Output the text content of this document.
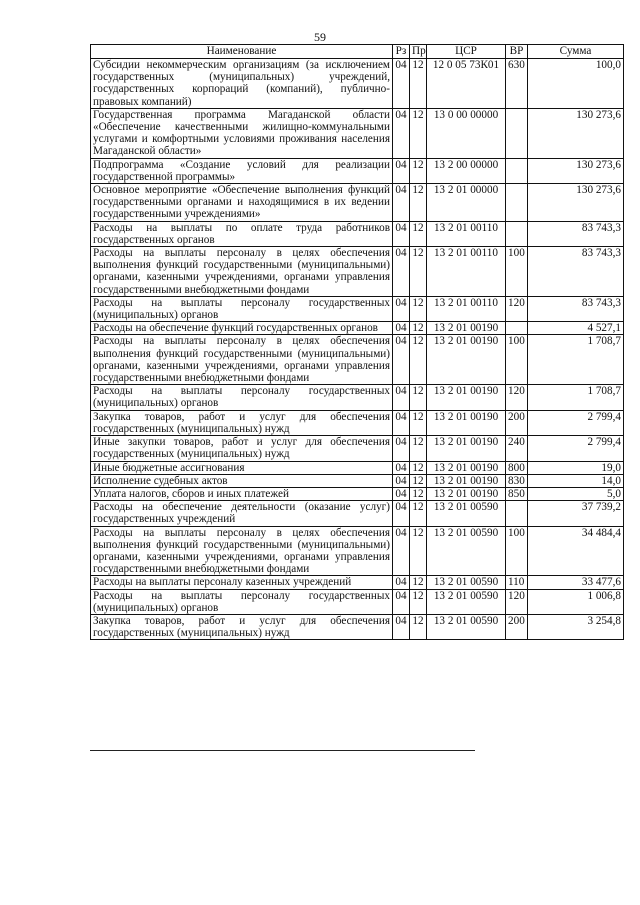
59
Наименование	Рз	Пр	ЦСР	ВР	Сумма
Субсидии некоммерческим организациям (за исключением государственных (муниципальных) учреждений, государственных корпораций (компаний), публично-правовых компаний)	04	12	12 0 05 73К01	630	100,0
Государственная программа Магаданской области «Обеспечение качественными жилищно-коммунальными услугами и комфортными условиями проживания населения Магаданской области»	04	12	13 0 00 00000		130 273,6
Подпрограмма «Создание условий для реализации государственной программы»	04	12	13 2 00 00000		130 273,6
Основное мероприятие «Обеспечение выполнения функций государственными органами и находящимися в их ведении государственными учреждениями»	04	12	13 2 01 00000		130 273,6
Расходы на выплаты по оплате труда работников государственных органов	04	12	13 2 01 00110		83 743,3
Расходы на выплаты персоналу в целях обеспечения выполнения функций государственными (муниципальными) органами, казенными учреждениями, органами управления государственными внебюджетными фондами	04	12	13 2 01 00110	100	83 743,3
Расходы на выплаты персоналу государственных (муниципальных) органов	04	12	13 2 01 00110	120	83 743,3
Расходы на обеспечение функций государственных органов	04	12	13 2 01 00190		4 527,1
Расходы на выплаты персоналу в целях обеспечения выполнения функций государственными (муниципальными) органами, казенными учреждениями, органами управления государственными внебюджетными фондами	04	12	13 2 01 00190	100	1 708,7
Расходы на выплаты персоналу государственных (муниципальных) органов	04	12	13 2 01 00190	120	1 708,7
Закупка товаров, работ и услуг для обеспечения государственных (муниципальных) нужд	04	12	13 2 01 00190	200	2 799,4
Иные закупки товаров, работ и услуг для обеспечения государственных (муниципальных) нужд	04	12	13 2 01 00190	240	2 799,4
Иные бюджетные ассигнования	04	12	13 2 01 00190	800	19,0
Исполнение судебных актов	04	12	13 2 01 00190	830	14,0
Уплата налогов, сборов и иных платежей	04	12	13 2 01 00190	850	5,0
Расходы на обеспечение деятельности (оказание услуг) государственных учреждений	04	12	13 2 01 00590		37 739,2
Расходы на выплаты персоналу в целях обеспечения выполнения функций государственными (муниципальными) органами, казенными учреждениями, органами управления государственными внебюджетными фондами	04	12	13 2 01 00590	100	34 484,4
Расходы на выплаты персоналу казенных учреждений	04	12	13 2 01 00590	110	33 477,6
Расходы на выплаты персоналу государственных (муниципальных) органов	04	12	13 2 01 00590	120	1 006,8
Закупка товаров, работ и услуг для обеспечения государственных (муниципальных) нужд	04	12	13 2 01 00590	200	3 254,8
